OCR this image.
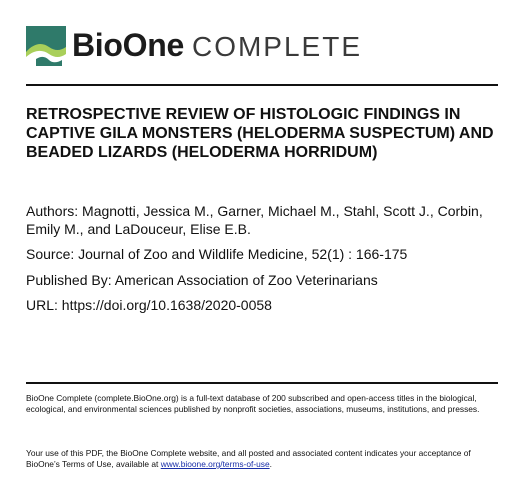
BioOne COMPLETE
RETROSPECTIVE REVIEW OF HISTOLOGIC FINDINGS IN CAPTIVE GILA MONSTERS (HELODERMA SUSPECTUM) AND BEADED LIZARDS (HELODERMA HORRIDUM)

Authors: Magnotti, Jessica M., Garner, Michael M., Stahl, Scott J., Corbin, Emily M., and LaDouceur, Elise E.B.

Source: Journal of Zoo and Wildlife Medicine, 52(1) : 166-175

Published By: American Association of Zoo Veterinarians

URL: https://doi.org/10.1638/2020-0058

BioOne Complete (complete.BioOne.org) is a full-text database of 200 subscribed and open-access titles in the biological, ecological, and environmental sciences published by nonprofit societies, associations, museums, institutions, and presses.

Your use of this PDF, the BioOne Complete website, and all posted and associated content indicates your acceptance of BioOne’s Terms of Use, available at www.bioone.org/terms-of-use.
